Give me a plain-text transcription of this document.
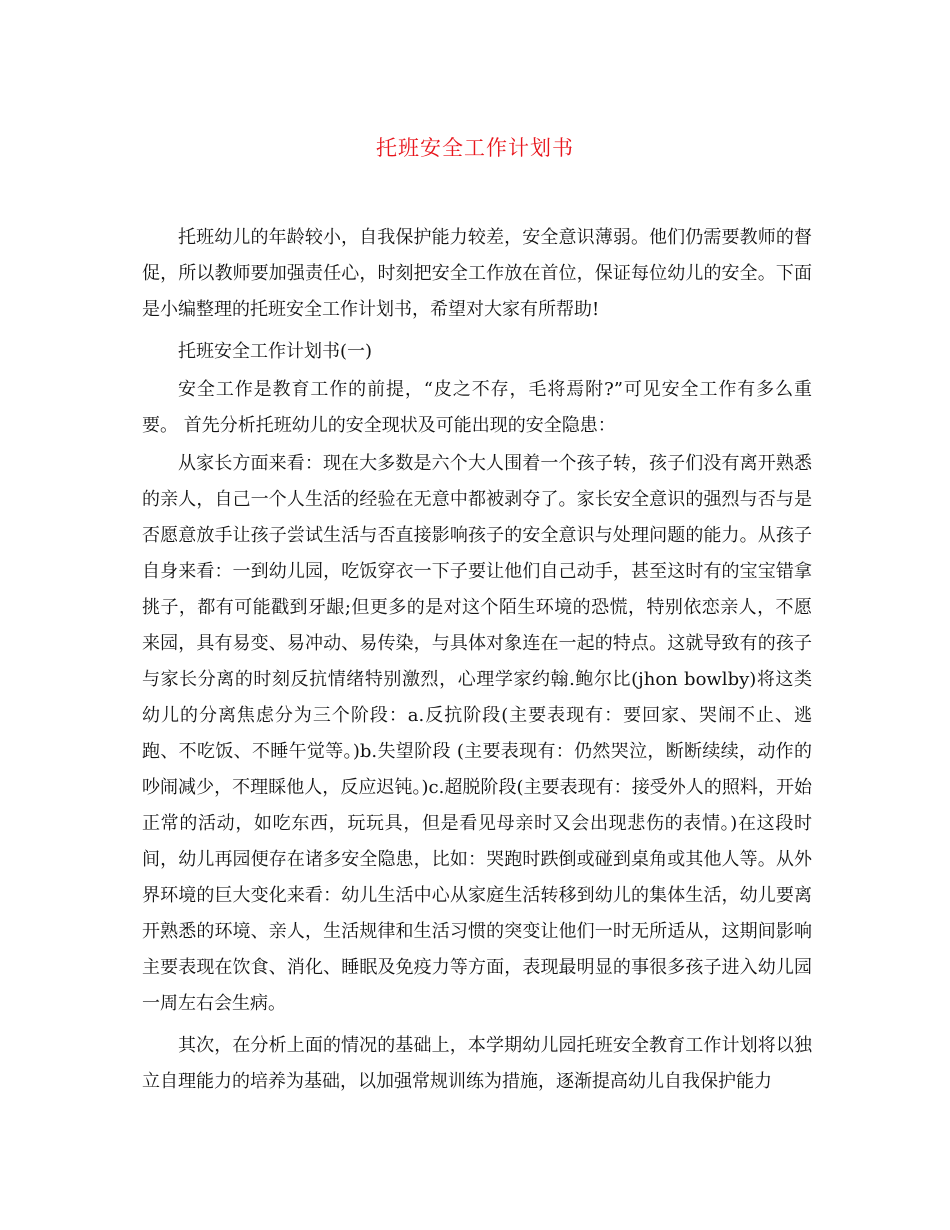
托班安全工作计划书

托班幼儿的年龄较小，自我保护能力较差，安全意识薄弱。他们仍需要教师的督促，所以教师要加强责任心，时刻把安全工作放在首位，保证每位幼儿的安全。下面是小编整理的托班安全工作计划书，希望对大家有所帮助!

托班安全工作计划书(一)

安全工作是教育工作的前提，“皮之不存，毛将焉附?”可见安全工作有多么重要。 首先分析托班幼儿的安全现状及可能出现的安全隐患：

从家长方面来看：现在大多数是六个大人围着一个孩子转，孩子们没有离开熟悉的亲人，自己一个人生活的经验在无意中都被剥夺了。家长安全意识的强烈与否与是否愿意放手让孩子尝试生活与否直接影响孩子的安全意识与处理问题的能力。从孩子自身来看：一到幼儿园，吃饭穿衣一下子要让他们自己动手，甚至这时有的宝宝错拿挑子，都有可能戳到牙龈;但更多的是对这个陌生环境的恐慌，特别依恋亲人，不愿来园，具有易变、易冲动、易传染，与具体对象连在一起的特点。这就导致有的孩子与家长分离的时刻反抗情绪特别激烈，心理学家约翰.鲍尔比(jhon bowlby)将这类幼儿的分离焦虑分为三个阶段：a.反抗阶段(主要表现有：要回家、哭闹不止、逃跑、不吃饭、不睡午觉等。)b.失望阶段 (主要表现有：仍然哭泣，断断续续，动作的吵闹减少，不理睬他人，反应迟钝。)c.超脱阶段(主要表现有：接受外人的照料，开始正常的活动，如吃东西，玩玩具，但是看见母亲时又会出现悲伤的表情。)在这段时间，幼儿再园便存在诸多安全隐患，比如：哭跑时跌倒或碰到桌角或其他人等。从外界环境的巨大变化来看：幼儿生活中心从家庭生活转移到幼儿的集体生活，幼儿要离开熟悉的环境、亲人，生活规律和生活习惯的突变让他们一时无所适从，这期间影响主要表现在饮食、消化、睡眠及免疫力等方面，表现最明显的事很多孩子进入幼儿园一周左右会生病。

其次，在分析上面的情况的基础上，本学期幼儿园托班安全教育工作计划将以独立自理能力的培养为基础，以加强常规训练为措施，逐渐提高幼儿自我保护能力
